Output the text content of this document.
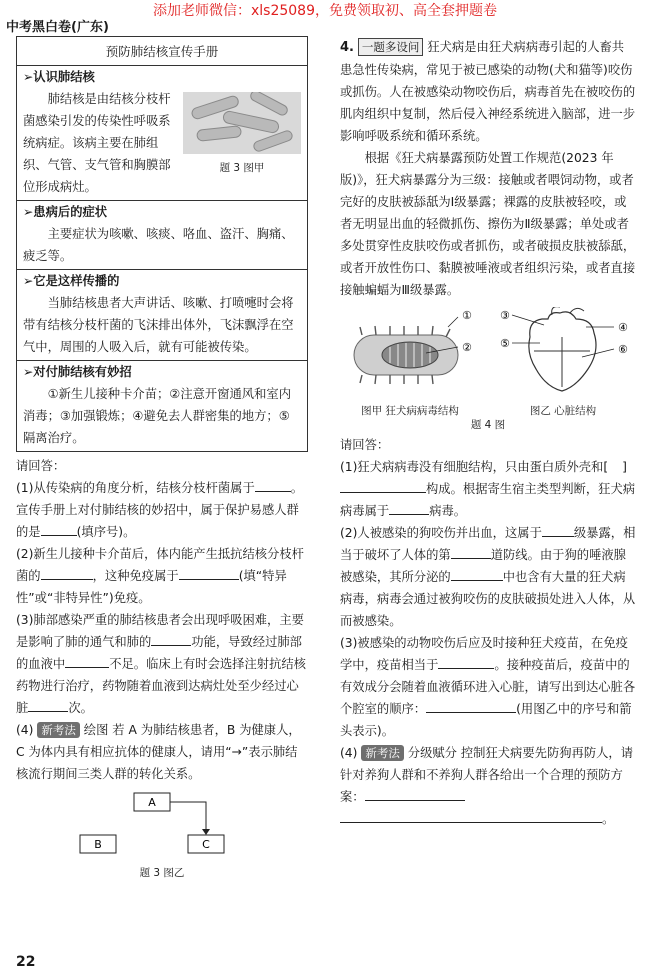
添加老师微信：xls25089，免费领取初、高全套押题卷
中考黑白卷(广东)
预防肺结核宣传手册
➢认识肺结核
题 3 图甲

肺结核是由结核分枝杆菌感染引发的传染性呼吸系统病症。该病主要在肺组织、气管、支气管和胸膜部位形成病灶。

➢患病后的症状

主要症状为咳嗽、咳痰、咯血、盗汗、胸痛、疲乏等。

➢它是这样传播的

当肺结核患者大声讲话、咳嗽、打喷嚏时会将带有结核分枝杆菌的飞沫排出体外，飞沫飘浮在空气中，周围的人吸入后，就有可能被传染。

➢对付肺结核有妙招

①新生儿接种卡介苗；②注意开窗通风和室内消毒；③加强锻炼；④避免去人群密集的地方；⑤隔离治疗。

请回答：

(1)从传染病的角度分析，结核分枝杆菌属于	。宣传手册上对付肺结核的妙招中，属于保护易感人群的是	(填序号)。

(2)新生儿接种卡介苗后，体内能产生抵抗结核分枝杆菌的	，这种免疫属于	(填“特异性”或“非特异性”)免疫。

(3)肺部感染严重的肺结核患者会出现呼吸困难，主要是影响了肺的通气和肺的	功能，导致经过肺部的血液中	不足。临床上有时会选择注射抗结核药物进行治疗，药物随着血液到达病灶处至少经过心脏	次。

(4) 新考法 绘图 若 A 为肺结核患者，B 为健康人，C 为体内具有相应抗体的健康人，请用“→”表示肺结核流行期间三类人群的转化关系。

A
B	C
题 3 图乙

4. 一题多设问 狂犬病是由狂犬病病毒引起的人畜共患急性传染病，常见于被已感染的动物(犬和猫等)咬伤或抓伤。人在被感染动物咬伤后，病毒首先在被咬伤的肌肉组织中复制，然后侵入神经系统进入脑部，进一步影响呼吸系统和循环系统。

根据《狂犬病暴露预防处置工作规范(2023 年版)》，狂犬病暴露分为三级：接触或者喂饲动物，或者完好的皮肤被舔舐为Ⅰ级暴露；裸露的皮肤被轻咬，或者无明显出血的轻微抓伤、擦伤为Ⅱ级暴露；单处或者多处贯穿性皮肤咬伤或者抓伤，或者破损皮肤被舔舐，或者开放性伤口、黏膜被唾液或者组织污染，或者直接接触蝙蝠为Ⅲ级暴露。

①
②
③
⑤
④
⑥
图甲 狂犬病病毒结构	图乙 心脏结构
题 4 图

请回答：

(1)狂犬病病毒没有细胞结构，只由蛋白质外壳和[ ]构成。根据寄生宿主类型判断，狂犬病病毒属于	病毒。

(2)人被感染的狗咬伤并出血，这属于	级暴露，相当于破坏了人体的第	道防线。由于狗的唾液腺被感染，其所分泌的	中也含有大量的狂犬病病毒，病毒会通过被狗咬伤的皮肤破损处进入人体，从而被感染。

(3)被感染的动物咬伤后应及时接种狂犬疫苗，在免疫学中，疫苗相当于	。接种疫苗后，疫苗中的有效成分会随着血液循环进入心脏，请写出到达心脏各个腔室的顺序：	(用图乙中的序号和箭头表示)。

(4) 新考法 分级赋分 控制狂犬病要先防狗再防人，请针对养狗人群和不养狗人群各给出一个合理的预防方案：

。

22
